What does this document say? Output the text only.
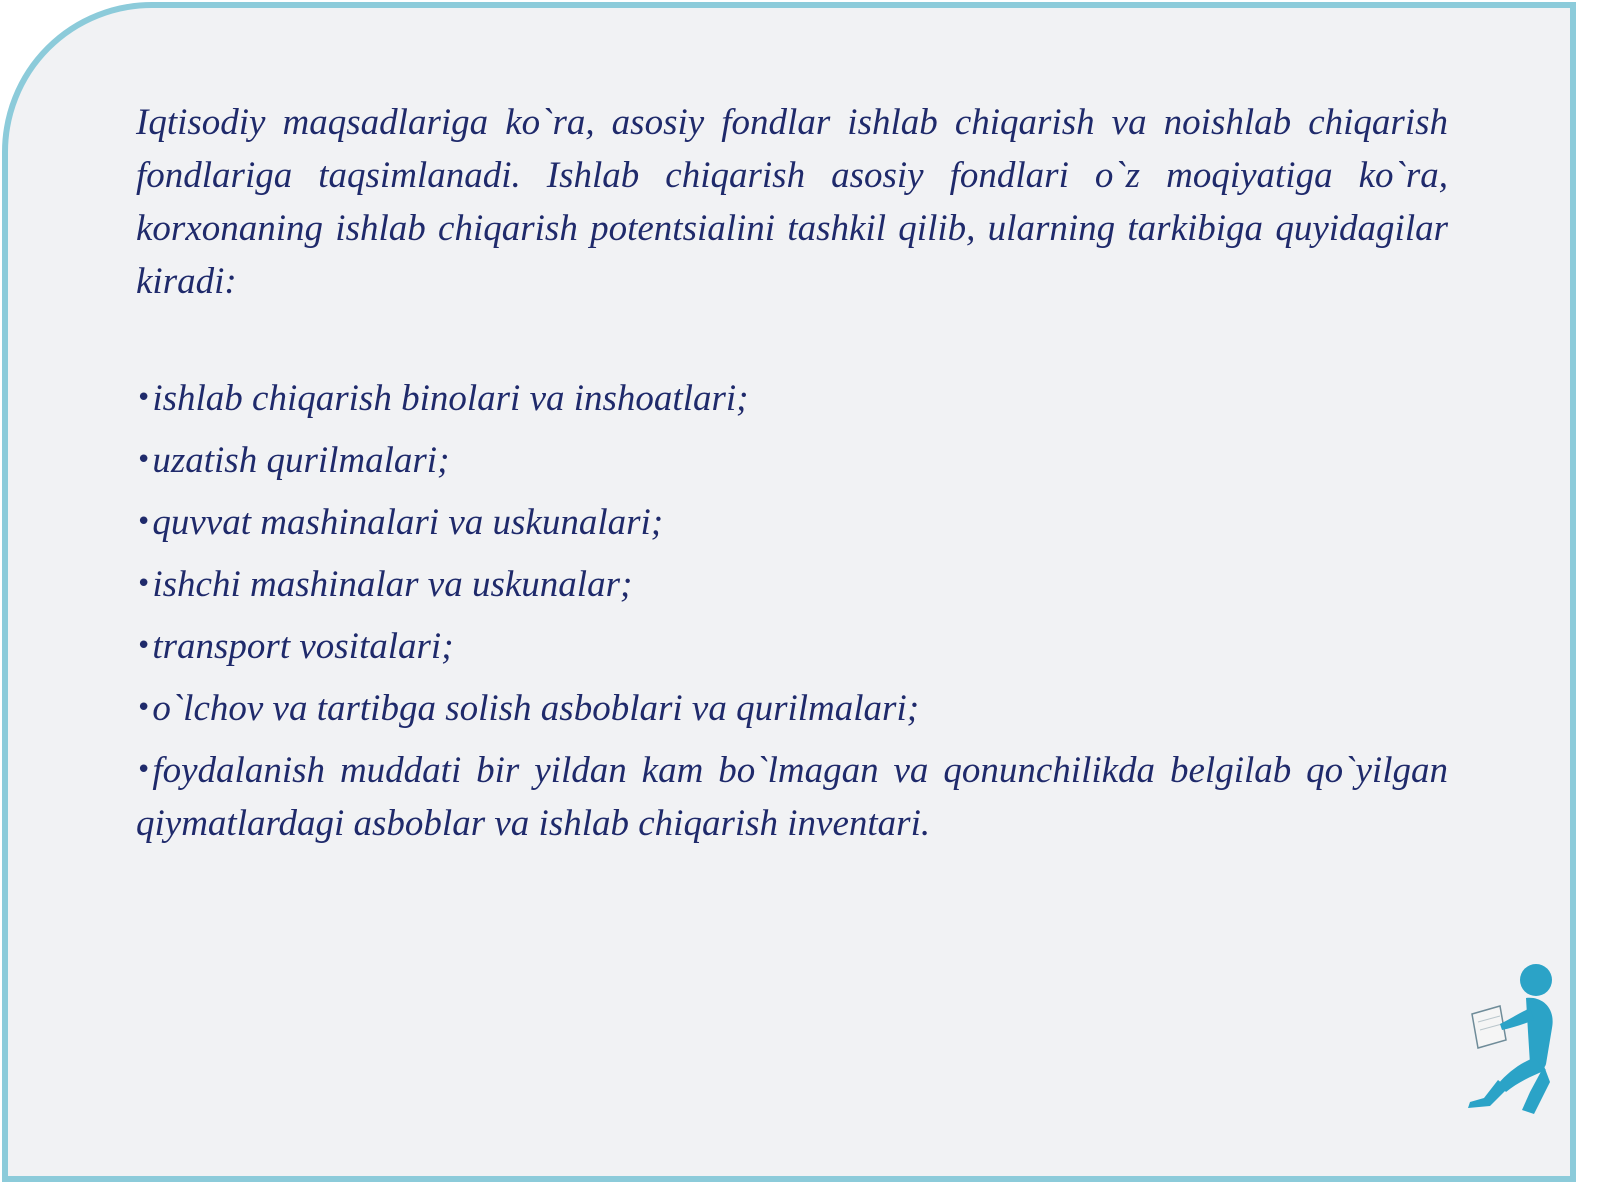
Iqtisodiy maqsadlariga ko`ra, asosiy fondlar ishlab chiqarish va noishlab chiqarish fondlariga taqsimlanadi. Ishlab chiqarish asosiy fondlari o`z moqiyatiga ko`ra, korxonaning ishlab chiqarish potentsialini tashkil qilib, ularning tarkibiga quyidagilar kiradi:

•ishlab chiqarish binolari va inshoatlari;
•uzatish qurilmalari;
•quvvat mashinalari va uskunalari;
•ishchi mashinalar va uskunalar;
•transport vositalari;
•o`lchov va tartibga solish asboblari va qurilmalari;
•foydalanish muddati bir yildan kam bo`lmagan va qonunchilikda belgilab qo`yilgan qiymatlardagi asboblar va ishlab chiqarish inventari.
